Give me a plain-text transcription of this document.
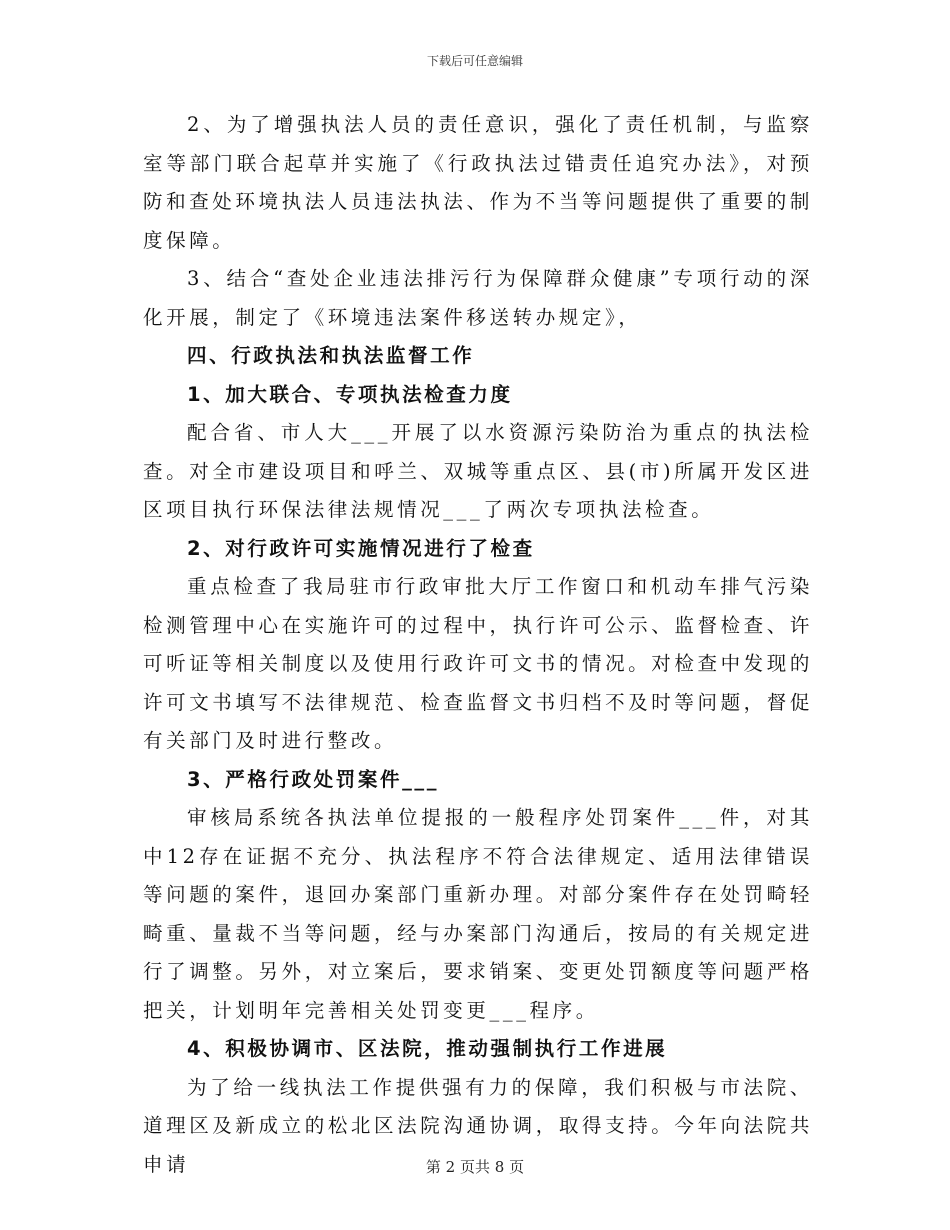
下载后可任意编辑

2、为了增强执法人员的责任意识，强化了责任机制，与监察室等部门联合起草并实施了《行政执法过错责任追究办法》，对预防和查处环境执法人员违法执法、作为不当等问题提供了重要的制度保障。

3、结合“查处企业违法排污行为保障群众健康”专项行动的深化开展，制定了《环境违法案件移送转办规定》，

四、行政执法和执法监督工作

1、加大联合、专项执法检查力度

配合省、市人大___开展了以水资源污染防治为重点的执法检查。对全市建设项目和呼兰、双城等重点区、县(市)所属开发区进区项目执行环保法律法规情况___了两次专项执法检查。

2、对行政许可实施情况进行了检查

重点检查了我局驻市行政审批大厅工作窗口和机动车排气污染检测管理中心在实施许可的过程中，执行许可公示、监督检查、许可听证等相关制度以及使用行政许可文书的情况。对检查中发现的许可文书填写不法律规范、检查监督文书归档不及时等问题，督促有关部门及时进行整改。

3、严格行政处罚案件___

审核局系统各执法单位提报的一般程序处罚案件___件，对其中12存在证据不充分、执法程序不符合法律规定、适用法律错误等问题的案件，退回办案部门重新办理。对部分案件存在处罚畸轻畸重、量裁不当等问题，经与办案部门沟通后，按局的有关规定进行了调整。另外，对立案后，要求销案、变更处罚额度等问题严格把关，计划明年完善相关处罚变更___程序。

4、积极协调市、区法院，推动强制执行工作进展

为了给一线执法工作提供强有力的保障，我们积极与市法院、道理区及新成立的松北区法院沟通协调，取得支持。今年向法院共申请	第 2 页共 8 页
